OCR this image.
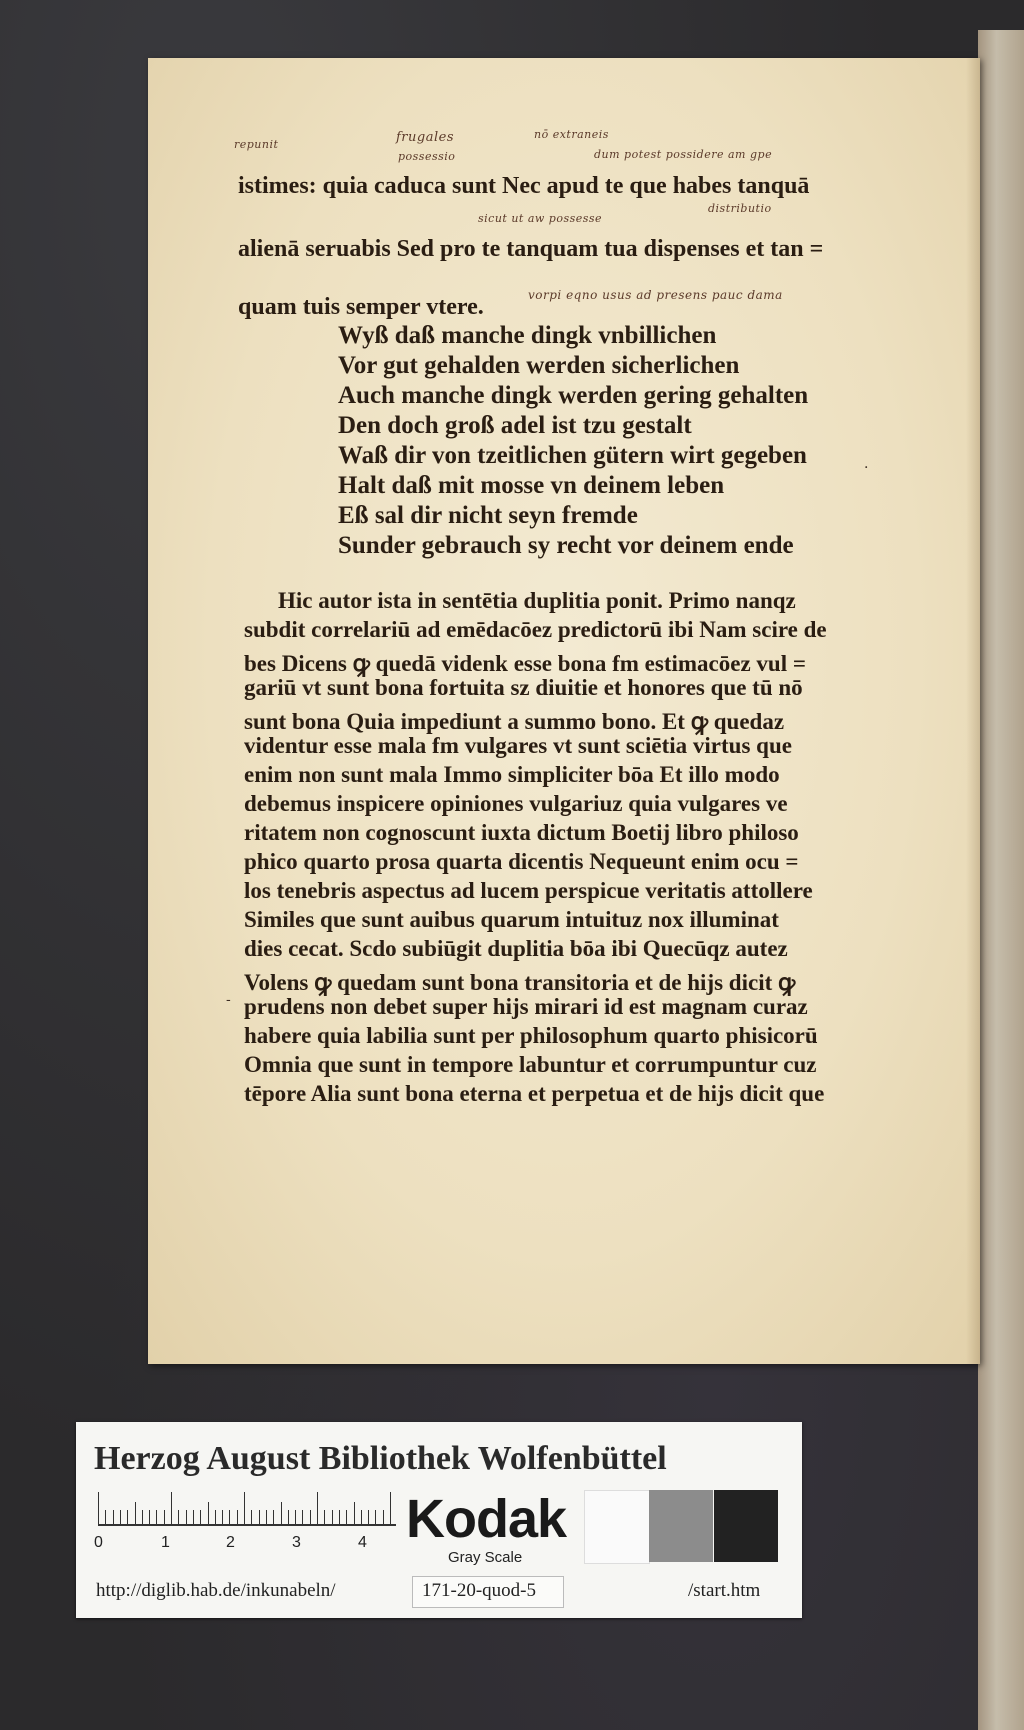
repunit	frugales
possessio
nō extraneis
dum potest possidere am gpe
sicut ut aw possesse
distributio
vorpi eqno usus ad presens pauc dama
istimes: quia caduca sunt Nec apud te que habes tanquā
alienā seruabis Sed pro te tanquam tua dispenses et tan =
quam tuis semper vtere.
Wyß daß manche dingk vnbillichen
Vor gut gehalden werden sicherlichen
Auch manche dingk werden gering gehalten
Den doch groß adel ist tzu gestalt
Waß dir von tzeitlichen gütern wirt gegeben
Halt daß mit mosse vn deinem leben
Eß sal dir nicht seyn fremde
Sunder gebrauch sy recht vor deinem ende
Hic autor ista in sentētia duplitia ponit. Primo nanqz
subdit correlariū ad emēdacōez predictorū ibi Nam scire de
bes Dicens ꝙ quedā videnk esse bona fm estimacōez vul =
gariū vt sunt bona fortuita sz diuitie et honores que tū nō
sunt bona Quia impediunt a summo bono. Et ꝙ quedaz
videntur esse mala fm vulgares vt sunt sciētia virtus que
enim non sunt mala Immo simpliciter bōa Et illo modo
debemus inspicere opiniones vulgariuz quia vulgares ve
ritatem non cognoscunt iuxta dictum Boetij libro philoso
phico quarto prosa quarta dicentis Nequeunt enim ocu =
los tenebris aspectus ad lucem perspicue veritatis attollere
Similes que sunt auibus quarum intuituz nox illuminat
dies cecat. Scdo subiūgit duplitia bōa ibi Quecūqz autez
Volens ꝙ quedam sunt bona transitoria et de hijs dicit ꝙ
prudens non debet super hijs mirari id est magnam curaz
habere quia labilia sunt per philosophum quarto phisicorū
Omnia que sunt in tempore labuntur et corrumpuntur cuz
tēpore Alia sunt bona eterna et perpetua et de hijs dicit que
·
-
Herzog August Bibliothek Wolfenbüttel
0	1	2	3	4 Kodak
Gray Scale
http://diglib.hab.de/inkunabeln/	171-20-quod-5	/start.htm
